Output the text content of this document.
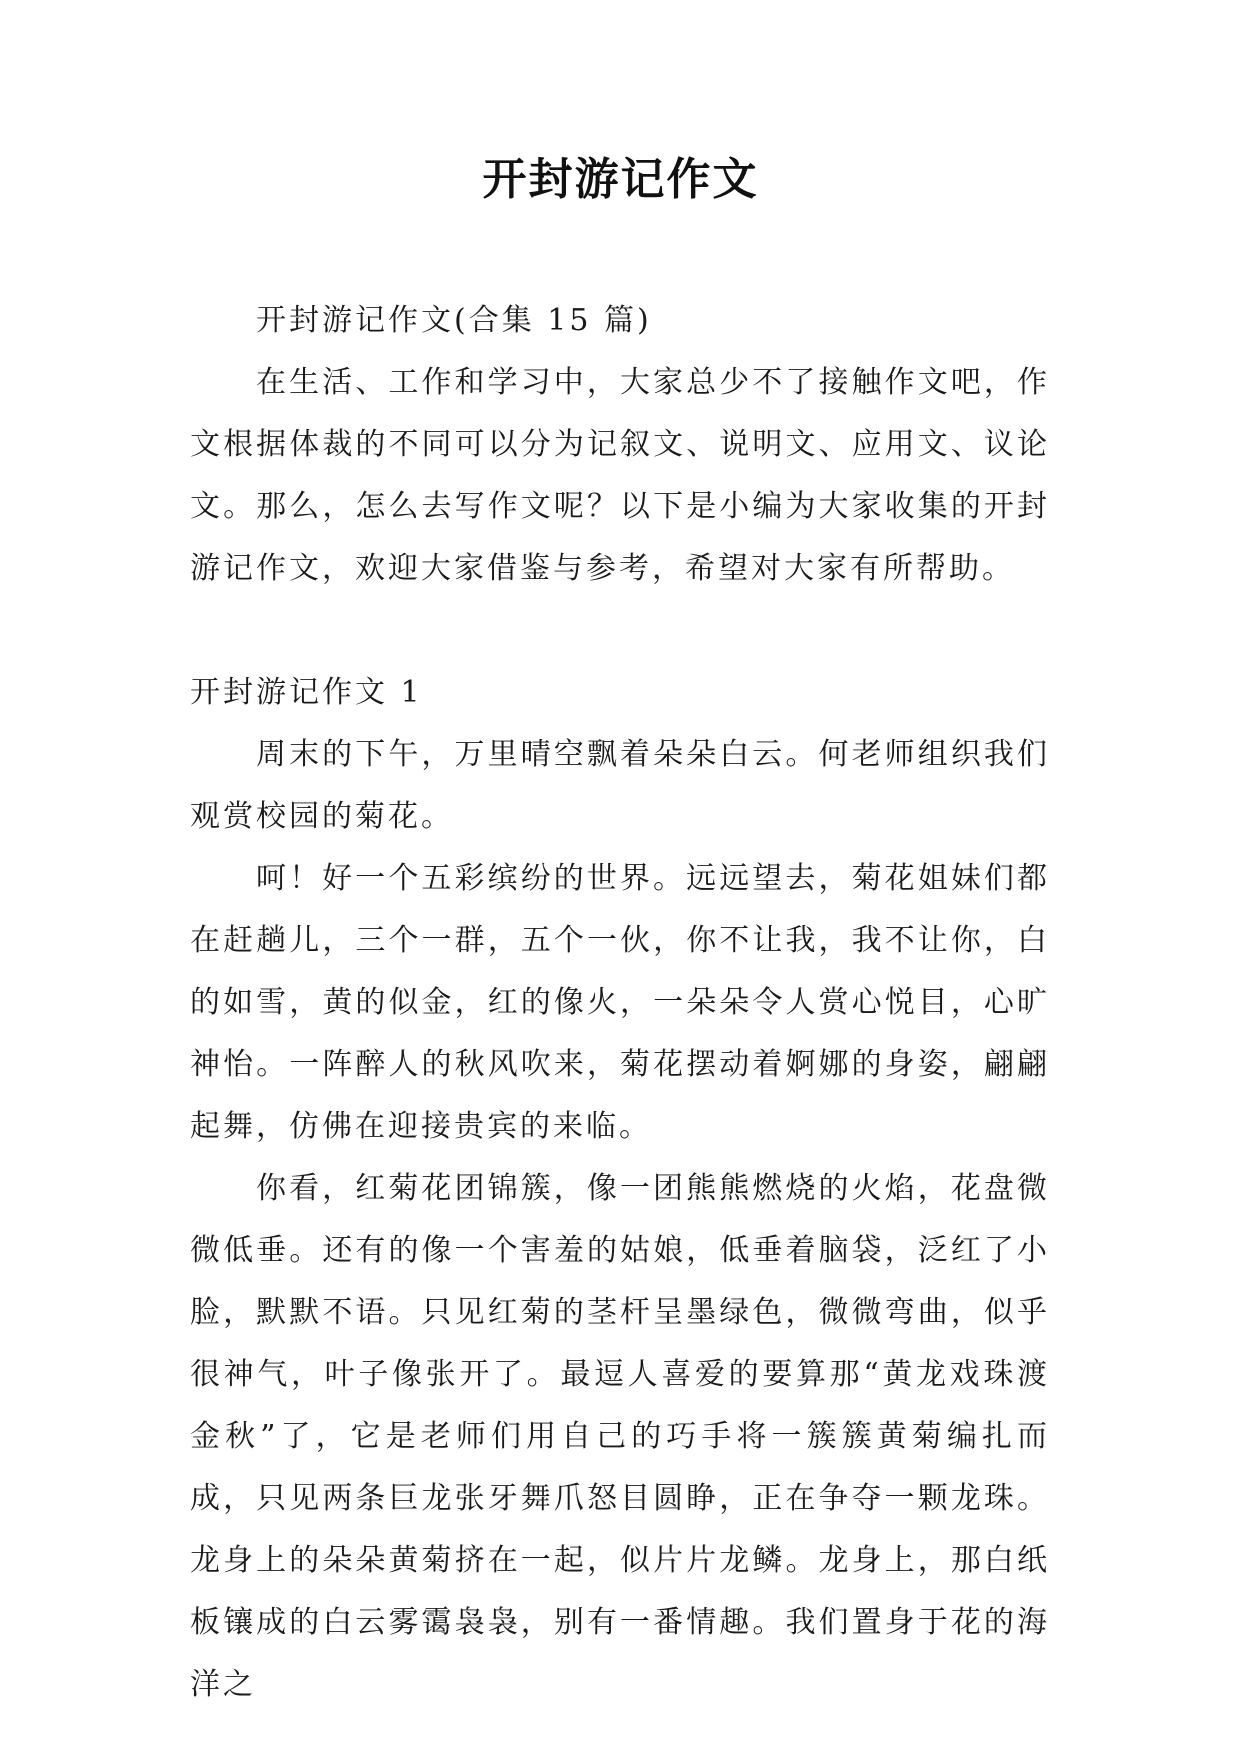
开封游记作文

开封游记作文(合集 15 篇)

在生活、工作和学习中，大家总少不了接触作文吧，作文根据体裁的不同可以分为记叙文、说明文、应用文、议论文。那么，怎么去写作文呢？以下是小编为大家收集的开封游记作文，欢迎大家借鉴与参考，希望对大家有所帮助。

开封游记作文 1

周末的下午，万里晴空飘着朵朵白云。何老师组织我们观赏校园的菊花。

呵！好一个五彩缤纷的世界。远远望去，菊花姐妹们都在赶趟儿，三个一群，五个一伙，你不让我，我不让你，白的如雪，黄的似金，红的像火，一朵朵令人赏心悦目，心旷神怡。一阵醉人的秋风吹来，菊花摆动着婀娜的身姿，翩翩起舞，仿佛在迎接贵宾的来临。

你看，红菊花团锦簇，像一团熊熊燃烧的火焰，花盘微微低垂。还有的像一个害羞的姑娘，低垂着脑袋，泛红了小脸，默默不语。只见红菊的茎杆呈墨绿色，微微弯曲，似乎很神气，叶子像张开了。最逗人喜爱的要算那“黄龙戏珠渡金秋”了，它是老师们用自己的巧手将一簇簇黄菊编扎而成，只见两条巨龙张牙舞爪怒目圆睁，正在争夺一颗龙珠。龙身上的朵朵黄菊挤在一起，似片片龙鳞。龙身上，那白纸板镶成的白云雾霭袅袅，别有一番情趣。我们置身于花的海洋之
